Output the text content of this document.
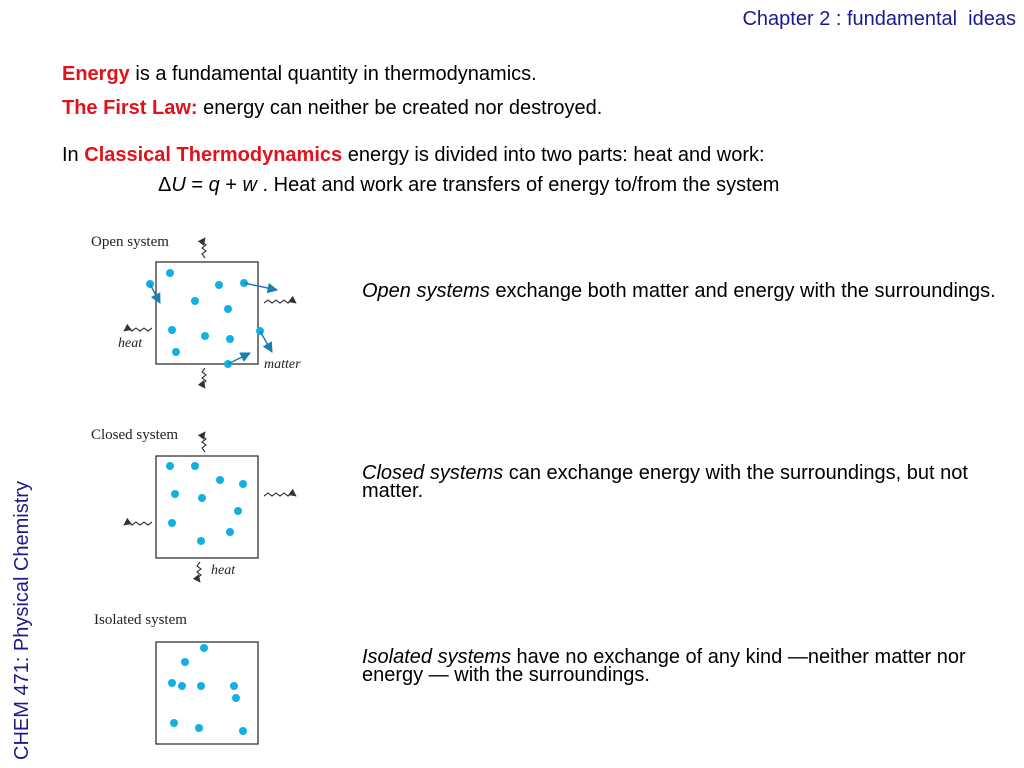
Chapter 2 : fundamental  ideas
CHEM 471: Physical Chemistry
Energy is a fundamental quantity in thermodynamics.
The First Law: energy can neither be created nor destroyed.
In Classical Thermodynamics energy is divided into two parts: heat and work:
ΔU = q + w . Heat and work are transfers of energy to/from the system
Open systems exchange both matter and energy with the surroundings.
Closed systems can exchange energy with the surroundings, but not matter.
Isolated systems have no exchange of any kind —neither matter nor energy — with the surroundings.
Open system
heat
matter
Closed system
heat
Isolated system
